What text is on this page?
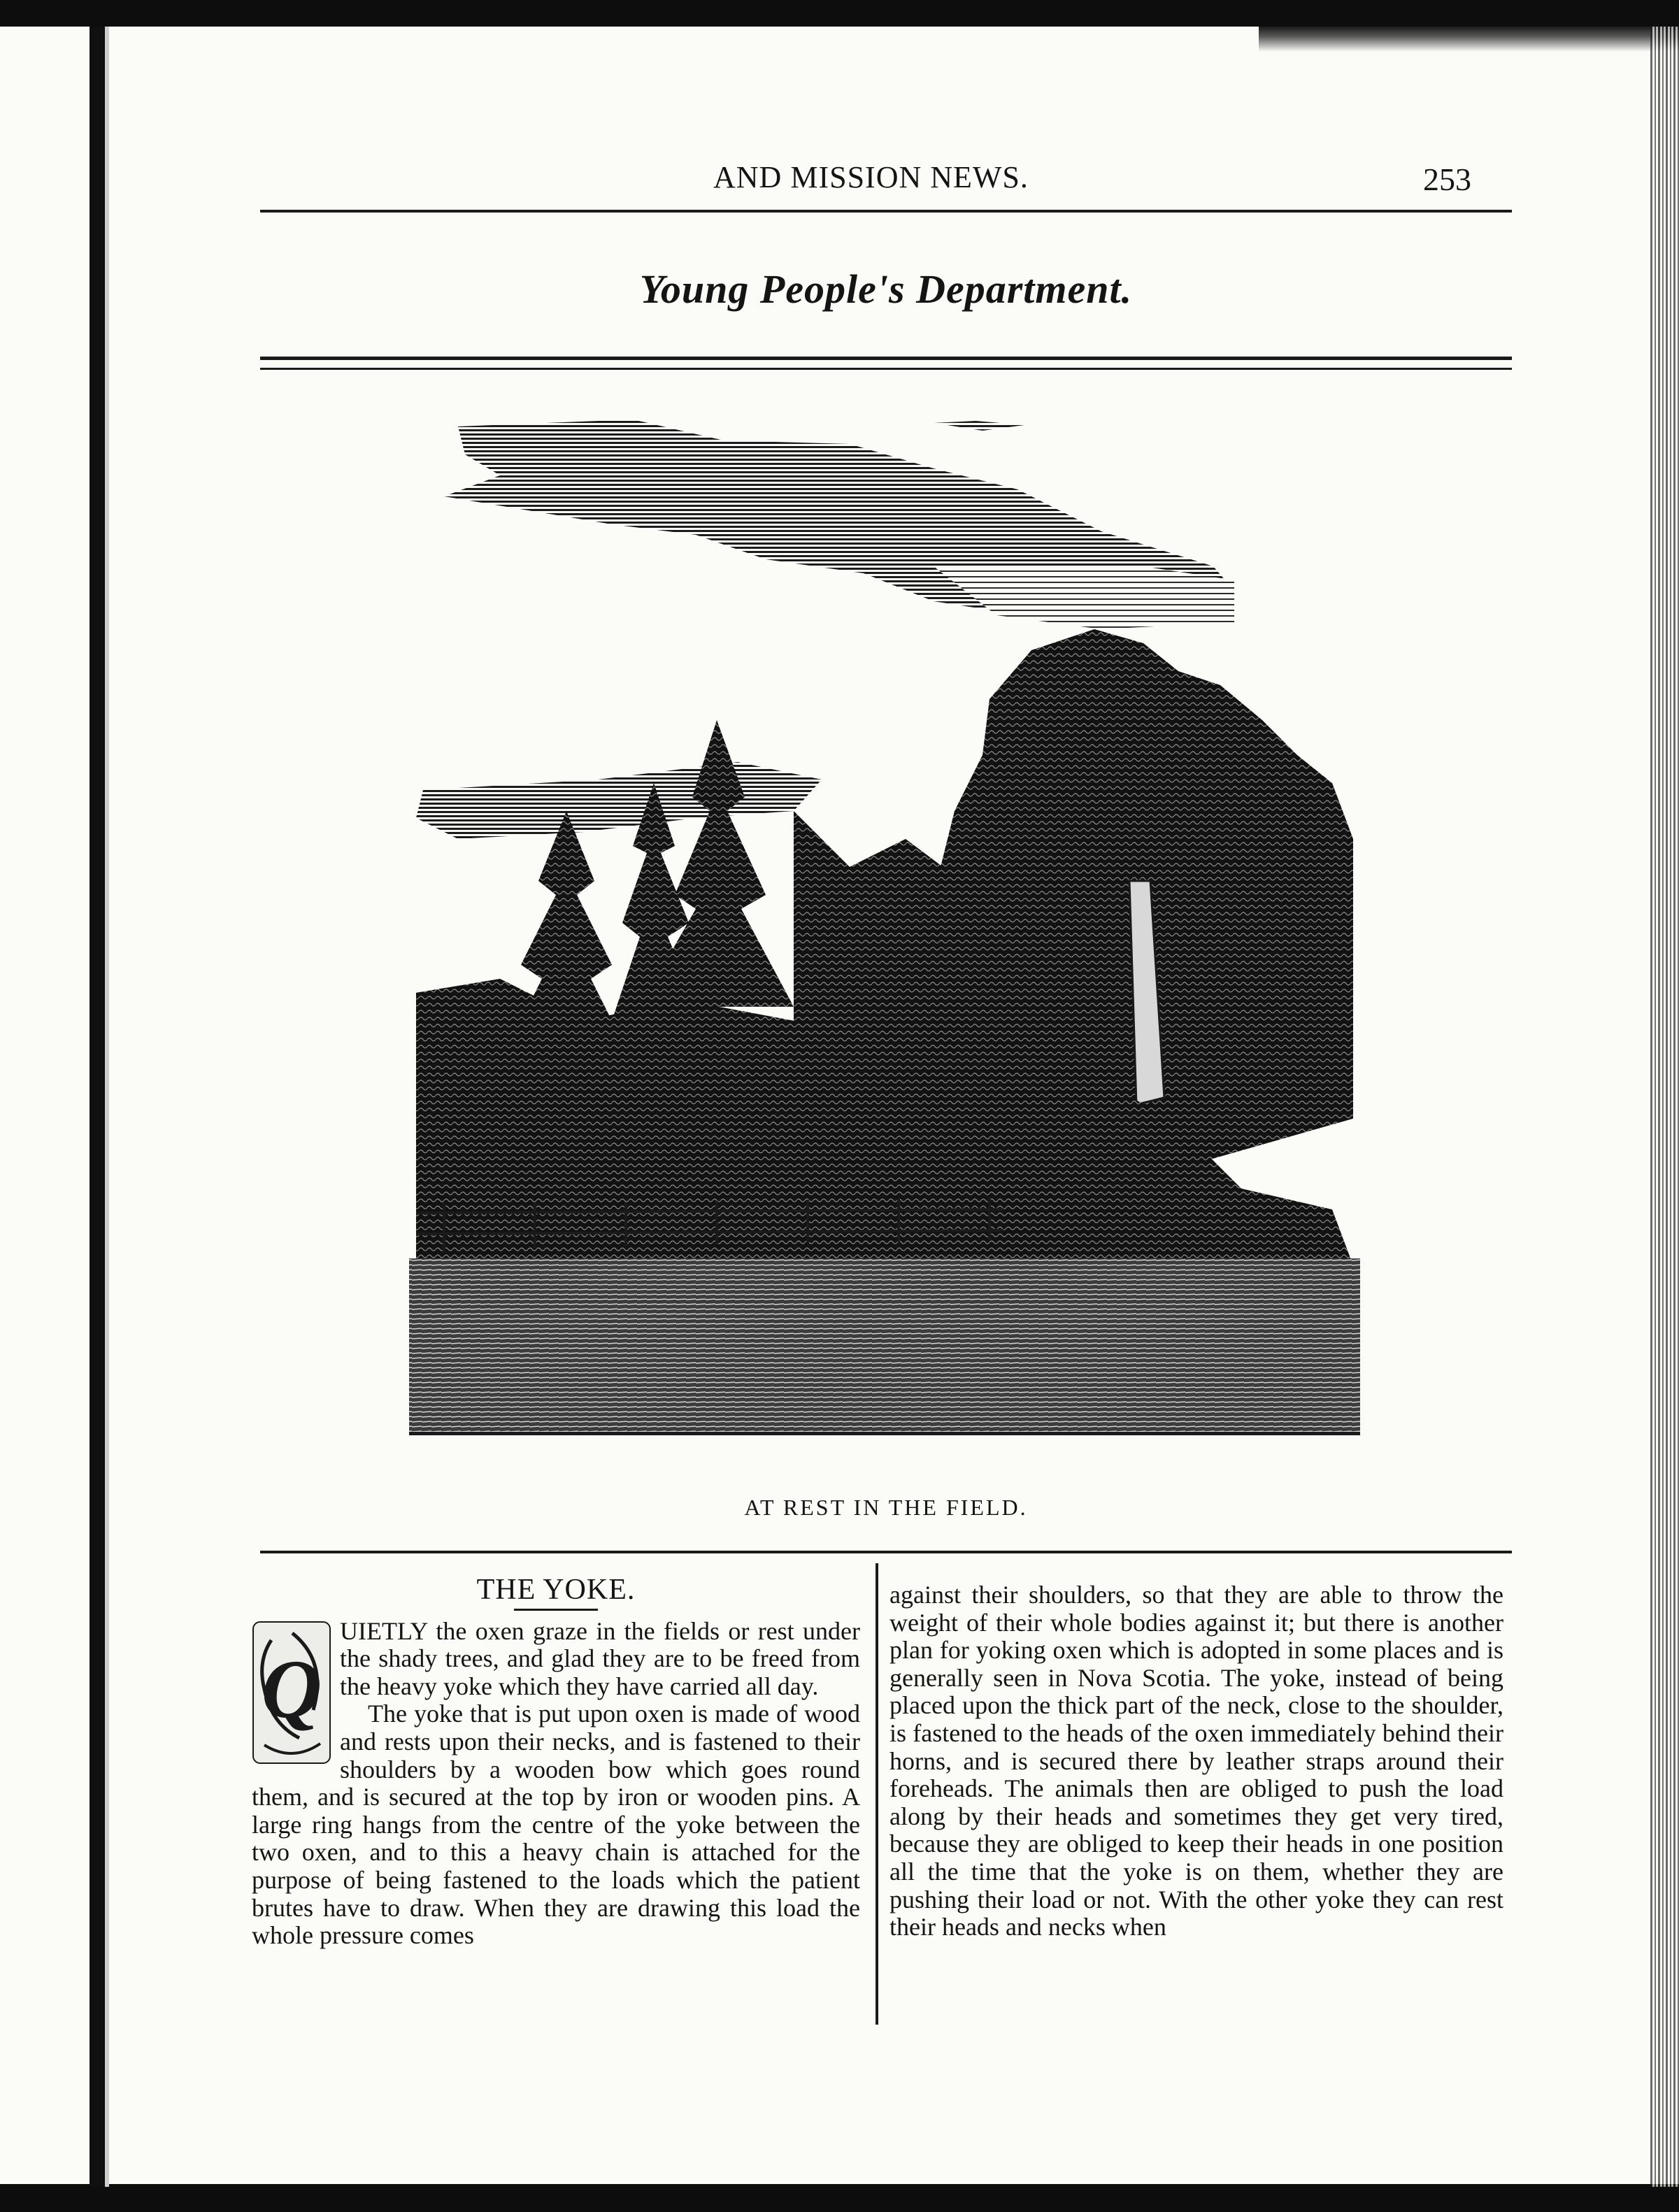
AND MISSION NEWS.	253
Young People's Department.
AT REST IN THE FIELD.
THE YOKE.
Q

UIETLY the oxen graze in the fields or rest under the shady trees, and glad they are to be freed from the heavy yoke which they have carried all day.

The yoke that is put upon oxen is made of wood and rests upon their necks, and is fastened to their shoulders by a wooden bow which goes round them, and is secured at the top by iron or wooden pins. A large ring hangs from the centre of the yoke between the two oxen, and to this a heavy chain is attached for the purpose of being fastened to the loads which the patient brutes have to draw. When they are drawing this load the whole pressure comes

against their shoulders, so that they are able to throw the weight of their whole bodies against it; but there is another plan for yoking oxen which is adopted in some places and is generally seen in Nova Scotia. The yoke, instead of being placed upon the thick part of the neck, close to the shoulder, is fastened to the heads of the oxen immediately behind their horns, and is secured there by leather straps around their foreheads. The animals then are obliged to push the load along by their heads and sometimes they get very tired, because they are obliged to keep their heads in one position all the time that the yoke is on them, whether they are pushing their load or not. With the other yoke they can rest their heads and necks when
